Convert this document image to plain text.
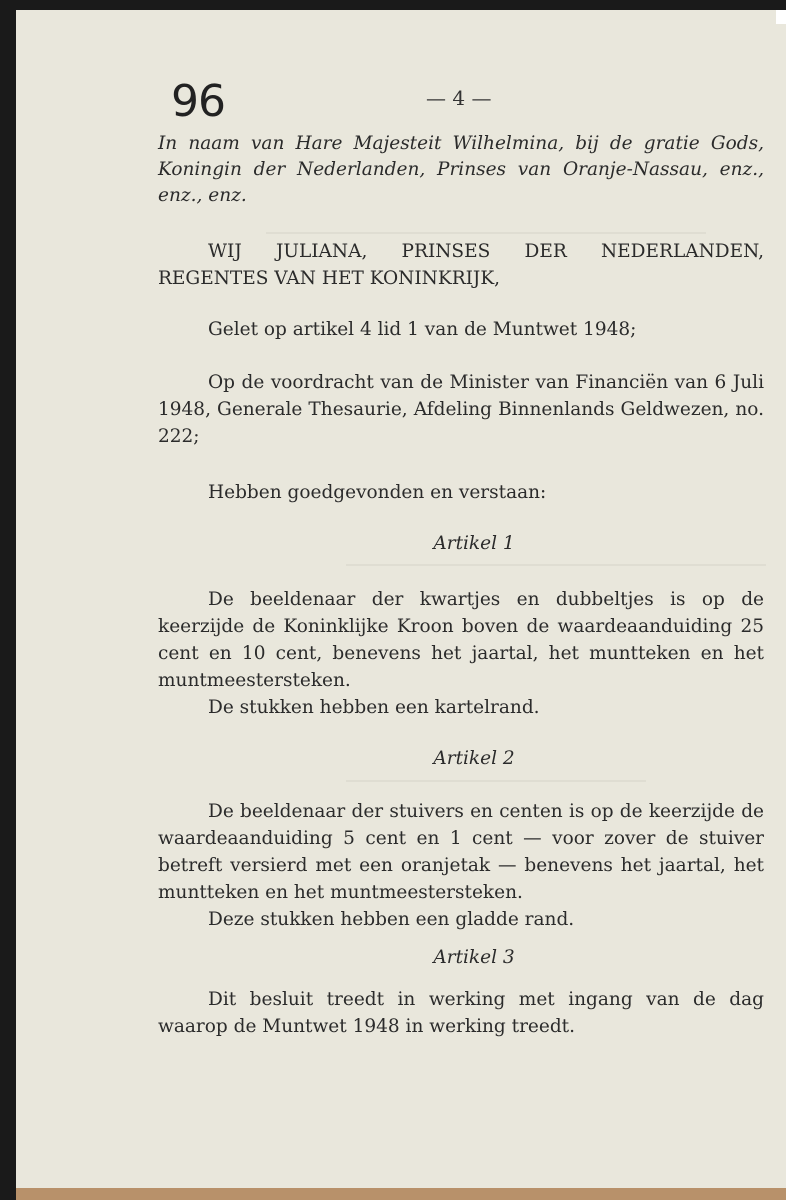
96	— 4 —

In naam van Hare Majesteit Wilhelmina, bij de gratie Gods, Koningin der Nederlanden, Prinses van Oranje-Nassau, enz., enz., enz.

WIJ JULIANA, PRINSES DER NEDERLANDEN, REGENTES VAN HET KONINKRIJK,

Gelet op artikel 4 lid 1 van de Muntwet 1948;

Op de voordracht van de Minister van Financiën van 6 Juli 1948, Generale Thesaurie, Afdeling Binnenlands Geldwezen, no. 222;

Hebben goedgevonden en verstaan:

Artikel 1

De beeldenaar der kwartjes en dubbeltjes is op de keerzijde de Koninklijke Kroon boven de waardeaanduiding 25 cent en 10 cent, benevens het jaartal, het muntteken en het muntmeestersteken.

De stukken hebben een kartelrand.

Artikel 2

De beeldenaar der stuivers en centen is op de keerzijde de waardeaanduiding 5 cent en 1 cent — voor zover de stuiver betreft versierd met een oranjetak — benevens het jaartal, het muntteken en het muntmeestersteken.

Deze stukken hebben een gladde rand.

Artikel 3

Dit besluit treedt in werking met ingang van de dag waarop de Muntwet 1948 in werking treedt.
